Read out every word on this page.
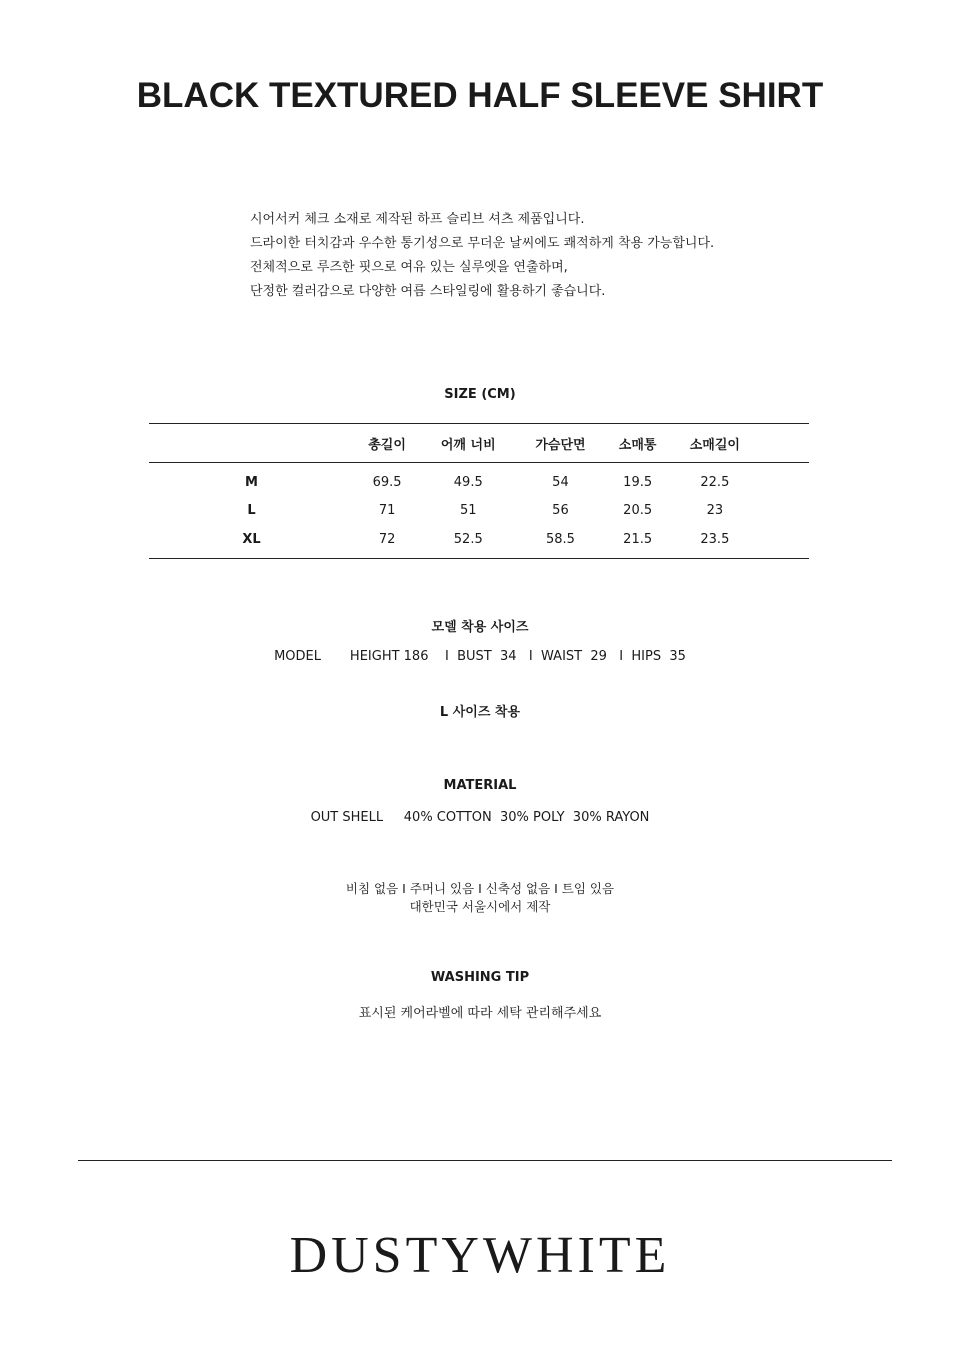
BLACK TEXTURED HALF SLEEVE SHIRT
시어서커 체크 소재로 제작된 하프 슬리브 셔츠 제품입니다.
드라이한 터치감과 우수한 통기성으로 무더운 날씨에도 쾌적하게 착용 가능합니다.
전체적으로 루즈한 핏으로 여유 있는 실루엣을 연출하며,
단정한 컬러감으로 다양한 여름 스타일링에 활용하기 좋습니다.
SIZE (CM)
	총길이	어깨 너비	가슴단면	소매통	소매길이	
M	69.5	49.5	54	19.5	22.5	
L	71	51	56	20.5	23	
XL	72	52.5	58.5	21.5	23.5	
모델 착용 사이즈
MODEL       HEIGHT 186    I  BUST  34   I  WAIST  29   I  HIPS  35
L 사이즈 착용
MATERIAL
OUT SHELL     40% COTTON  30% POLY  30% RAYON
비침 없음 I 주머니 있음 I 신축성 없음 I 트임 있음
대한민국 서울시에서 제작
WASHING TIP
표시된 케어라벨에 따라 세탁 관리해주세요
DUSTYWHITE
